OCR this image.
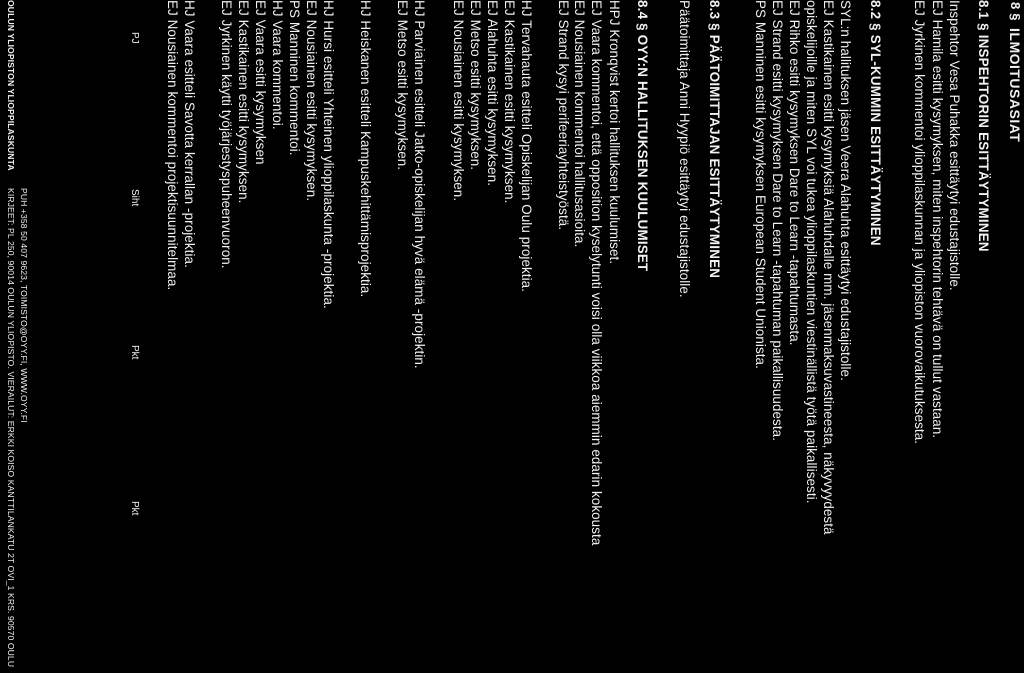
8 §
ILMOITUSASIAT
8.1 § INSPEHTORIN ESITTÄYTYMINEN
Inspehtor Vesa Puhakka esittäytyi edustajistolle.
EJ Hamila esitti kysymyksen, miten inspehtorin tehtävä on tullut vastaan.
EJ Jyrkinen kommentoi ylioppilaskunnan ja yliopiston vuorovaikutuksesta.
8.2 § SYL-KUMMIN ESITTÄYTYMINEN
SYL:n hallituksen jäsen Veera Alahuhta esittäytyi edustajistolle.
EJ Kastikainen esitti kysymyksiä Alahuhdalle mm. jäsenmaksuvastineesta, näkyvyydestä
opiskelijoille ja miten SYL voi tukea ylioppilaskuntien viestinällistä työtä paikallisesti.
EJ Rihko esitti kysymyksen Dare to Learn -tapahtumasta.
EJ Strand esitti kysymyksen Dare to Learn -tapahtuman paikallisuudesta.
PS Manninen esitti kysymyksen European Student Unionista.
8.3 § PÄÄTOIMITTAJAN ESITTÄYTYMINEN
Päätoimittaja Anni Hyypiö esittäytyi edustajistolle.
8.4 § OYY:N HALLITUKSEN KUULUMISET
HPJ Kronqvist kertoi hallituksen kuulumiset.
EJ Vaara kommentoi, että opposition kyselytunti voisi olla viikkoa aiemmin edarin kokousta
EJ Nousiainen kommentoi hallitusasioita.
EJ Strand kysyi perifeeriayhteistyöstä.
HJ Tervahauta esitteli Opiskelijan Oulu projektia.
EJ Kastikainen esitti kysymyksen.
EJ Alahuhta esitti kysymyksen.
EJ Metso esitti kysymyksen.
EJ Nousiainen esitti kysymyksen.
HJ Parviainen esitteli Jatko-opiskelijan hyvä elämä -projektin.
EJ Metso esitti kysymyksen.
HJ Heiskanen esitteli Kampuskehittämisprojektia.
HJ Hursi esitteli Yhteinen ylioppilaskunta -projektia.
EJ Nousiainen esitti kysymyksen.
PS Manninen kommentoi.
HJ Vaara kommentoi.
EJ Vaara esitti kysymyksen
EJ Kastikainen esitti kysymyksen.
EJ Jyrkinen käytti työjärjestyspuheenvuoron.
HJ Vaara esitteli Savotta kerrallan -projektia.
EJ Nousiainen kommentoi projektisuunnitelmaa.
PJ
Siht
Pkt
Pkt
OULUN YLIOPISTON YLIOPPILASKUNTA
KIRJEET: PL 250, 90014 OULUN YLIOPISTO. VIERAILUT: ERKKI KOISO KANTTILANKATU 2T OVI_1 KRS. 90570 OULU PUH +358 50 407 9623, TOIMISTO@OYY.FI, WWW.OYY.FI
